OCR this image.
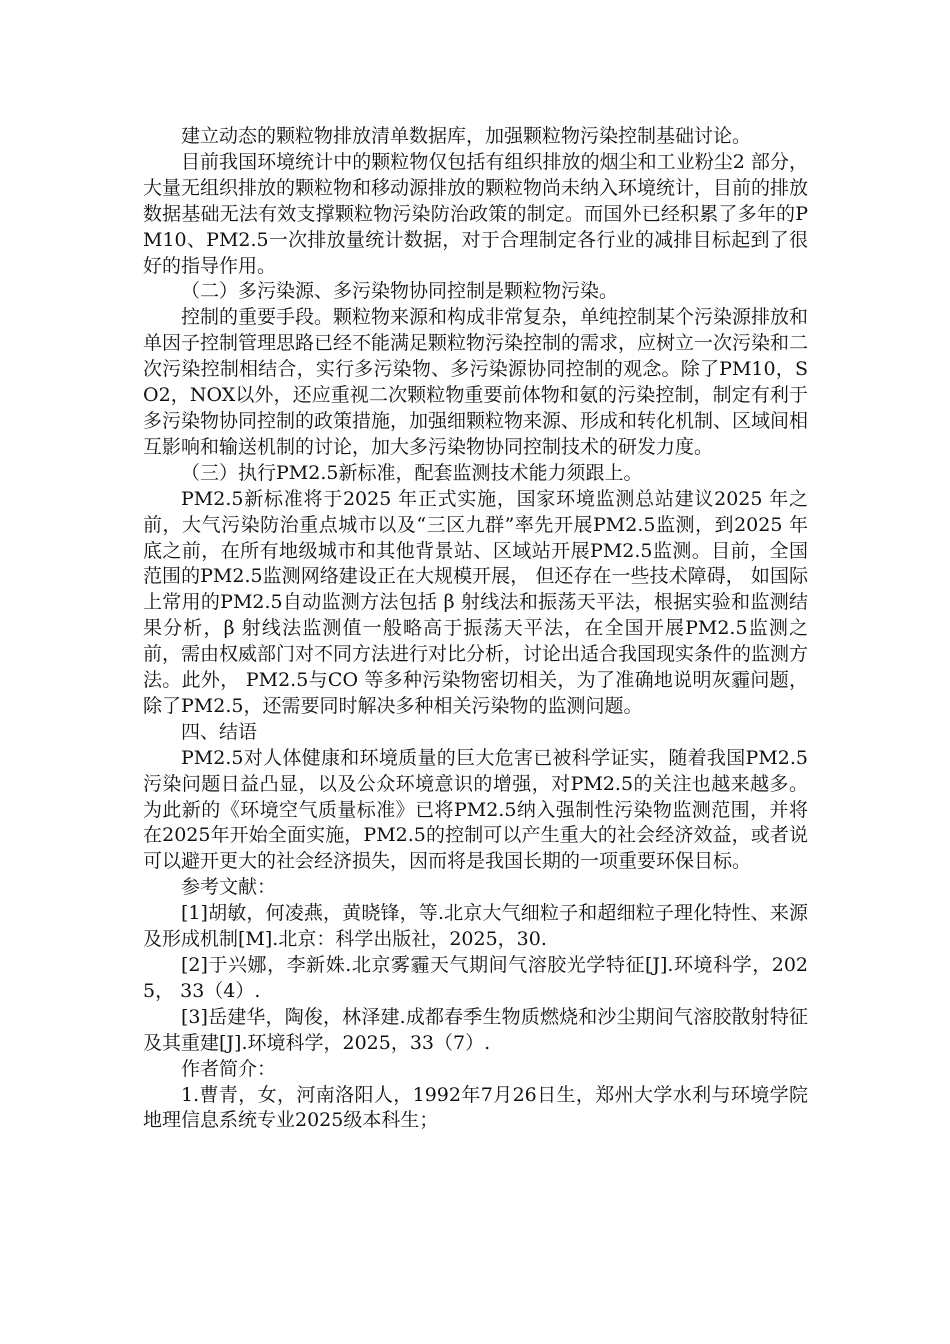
建立动态的颗粒物排放清单数据库，加强颗粒物污染控制基础讨论。

目前我国环境统计中的颗粒物仅包括有组织排放的烟尘和工业粉尘2 部分，大量无组织排放的颗粒物和移动源排放的颗粒物尚未纳入环境统计，目前的排放数据基础无法有效支撑颗粒物污染防治政策的制定。而国外已经积累了多年的PM10、PM2.5一次排放量统计数据，对于合理制定各行业的减排目标起到了很好的指导作用。

（二）多污染源、多污染物协同控制是颗粒物污染。

控制的重要手段。颗粒物来源和构成非常复杂，单纯控制某个污染源排放和单因子控制管理思路已经不能满足颗粒物污染控制的需求，应树立一次污染和二次污染控制相结合，实行多污染物、多污染源协同控制的观念。除了PM10，SO2，NOX以外，还应重视二次颗粒物重要前体物和氨的污染控制，制定有利于多污染物协同控制的政策措施，加强细颗粒物来源、形成和转化机制、区域间相互影响和输送机制的讨论，加大多污染物协同控制技术的研发力度。

（三）执行PM2.5新标准，配套监测技术能力须跟上。

PM2.5新标准将于2025 年正式实施，国家环境监测总站建议2025 年之前，大气污染防治重点城市以及“三区九群”率先开展PM2.5监测，到2025 年底之前，在所有地级城市和其他背景站、区域站开展PM2.5监测。目前，全国范围的PM2.5监测网络建设正在大规模开展， 但还存在一些技术障碍， 如国际上常用的PM2.5自动监测方法包括 β 射线法和振荡天平法，根据实验和监测结果分析，β 射线法监测值一般略高于振荡天平法，在全国开展PM2.5监测之前，需由权威部门对不同方法进行对比分析，讨论出适合我国现实条件的监测方法。此外， PM2.5与CO 等多种污染物密切相关，为了准确地说明灰霾问题，除了PM2.5，还需要同时解决多种相关污染物的监测问题。

四、结语

PM2.5对人体健康和环境质量的巨大危害已被科学证实，随着我国PM2.5污染问题日益凸显，以及公众环境意识的增强，对PM2.5的关注也越来越多。为此新的《环境空气质量标准》已将PM2.5纳入强制性污染物监测范围，并将在2025年开始全面实施，PM2.5的控制可以产生重大的社会经济效益，或者说可以避开更大的社会经济损失，因而将是我国长期的一项重要环保目标。

参考文献：

[1]胡敏，何凌燕，黄晓锋，等.北京大气细粒子和超细粒子理化特性、来源及形成机制[M].北京：科学出版社，2025，30.

[2]于兴娜，李新姝.北京雾霾天气期间气溶胶光学特征[J].环境科学，2025， 33（4）.

[3]岳建华，陶俊，林泽建.成都春季生物质燃烧和沙尘期间气溶胶散射特征及其重建[J].环境科学，2025，33（7）.

作者简介：

1.曹青，女，河南洛阳人，1992年7月26日生，郑州大学水利与环境学院地理信息系统专业2025级本科生；
